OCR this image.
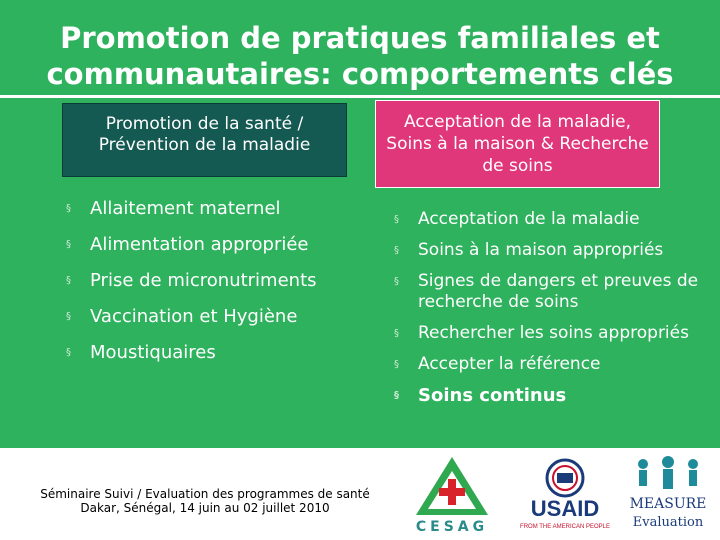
Promotion de pratiques familiales et communautaires: comportements clés
Promotion de la santé / Prévention de la maladie
Acceptation de la maladie, Soins à la maison & Recherche de soins
§ Allaitement maternel
§ Alimentation appropriée
§ Prise de micronutriments
§ Vaccination et Hygiène
§ Moustiquaires
§ Acceptation de la maladie
§ Soins à la maison appropriés
§ Signes de dangers et preuves de recherche de soins
§ Rechercher les soins appropriés
§ Accepter la référence
§ Soins continus
Séminaire Suivi / Evaluation des programmes de santé
Dakar, Sénégal, 14 juin au 02 juillet 2010
CESAG
USAID
FROM THE AMERICAN PEOPLE
MEASURE
Evaluation
